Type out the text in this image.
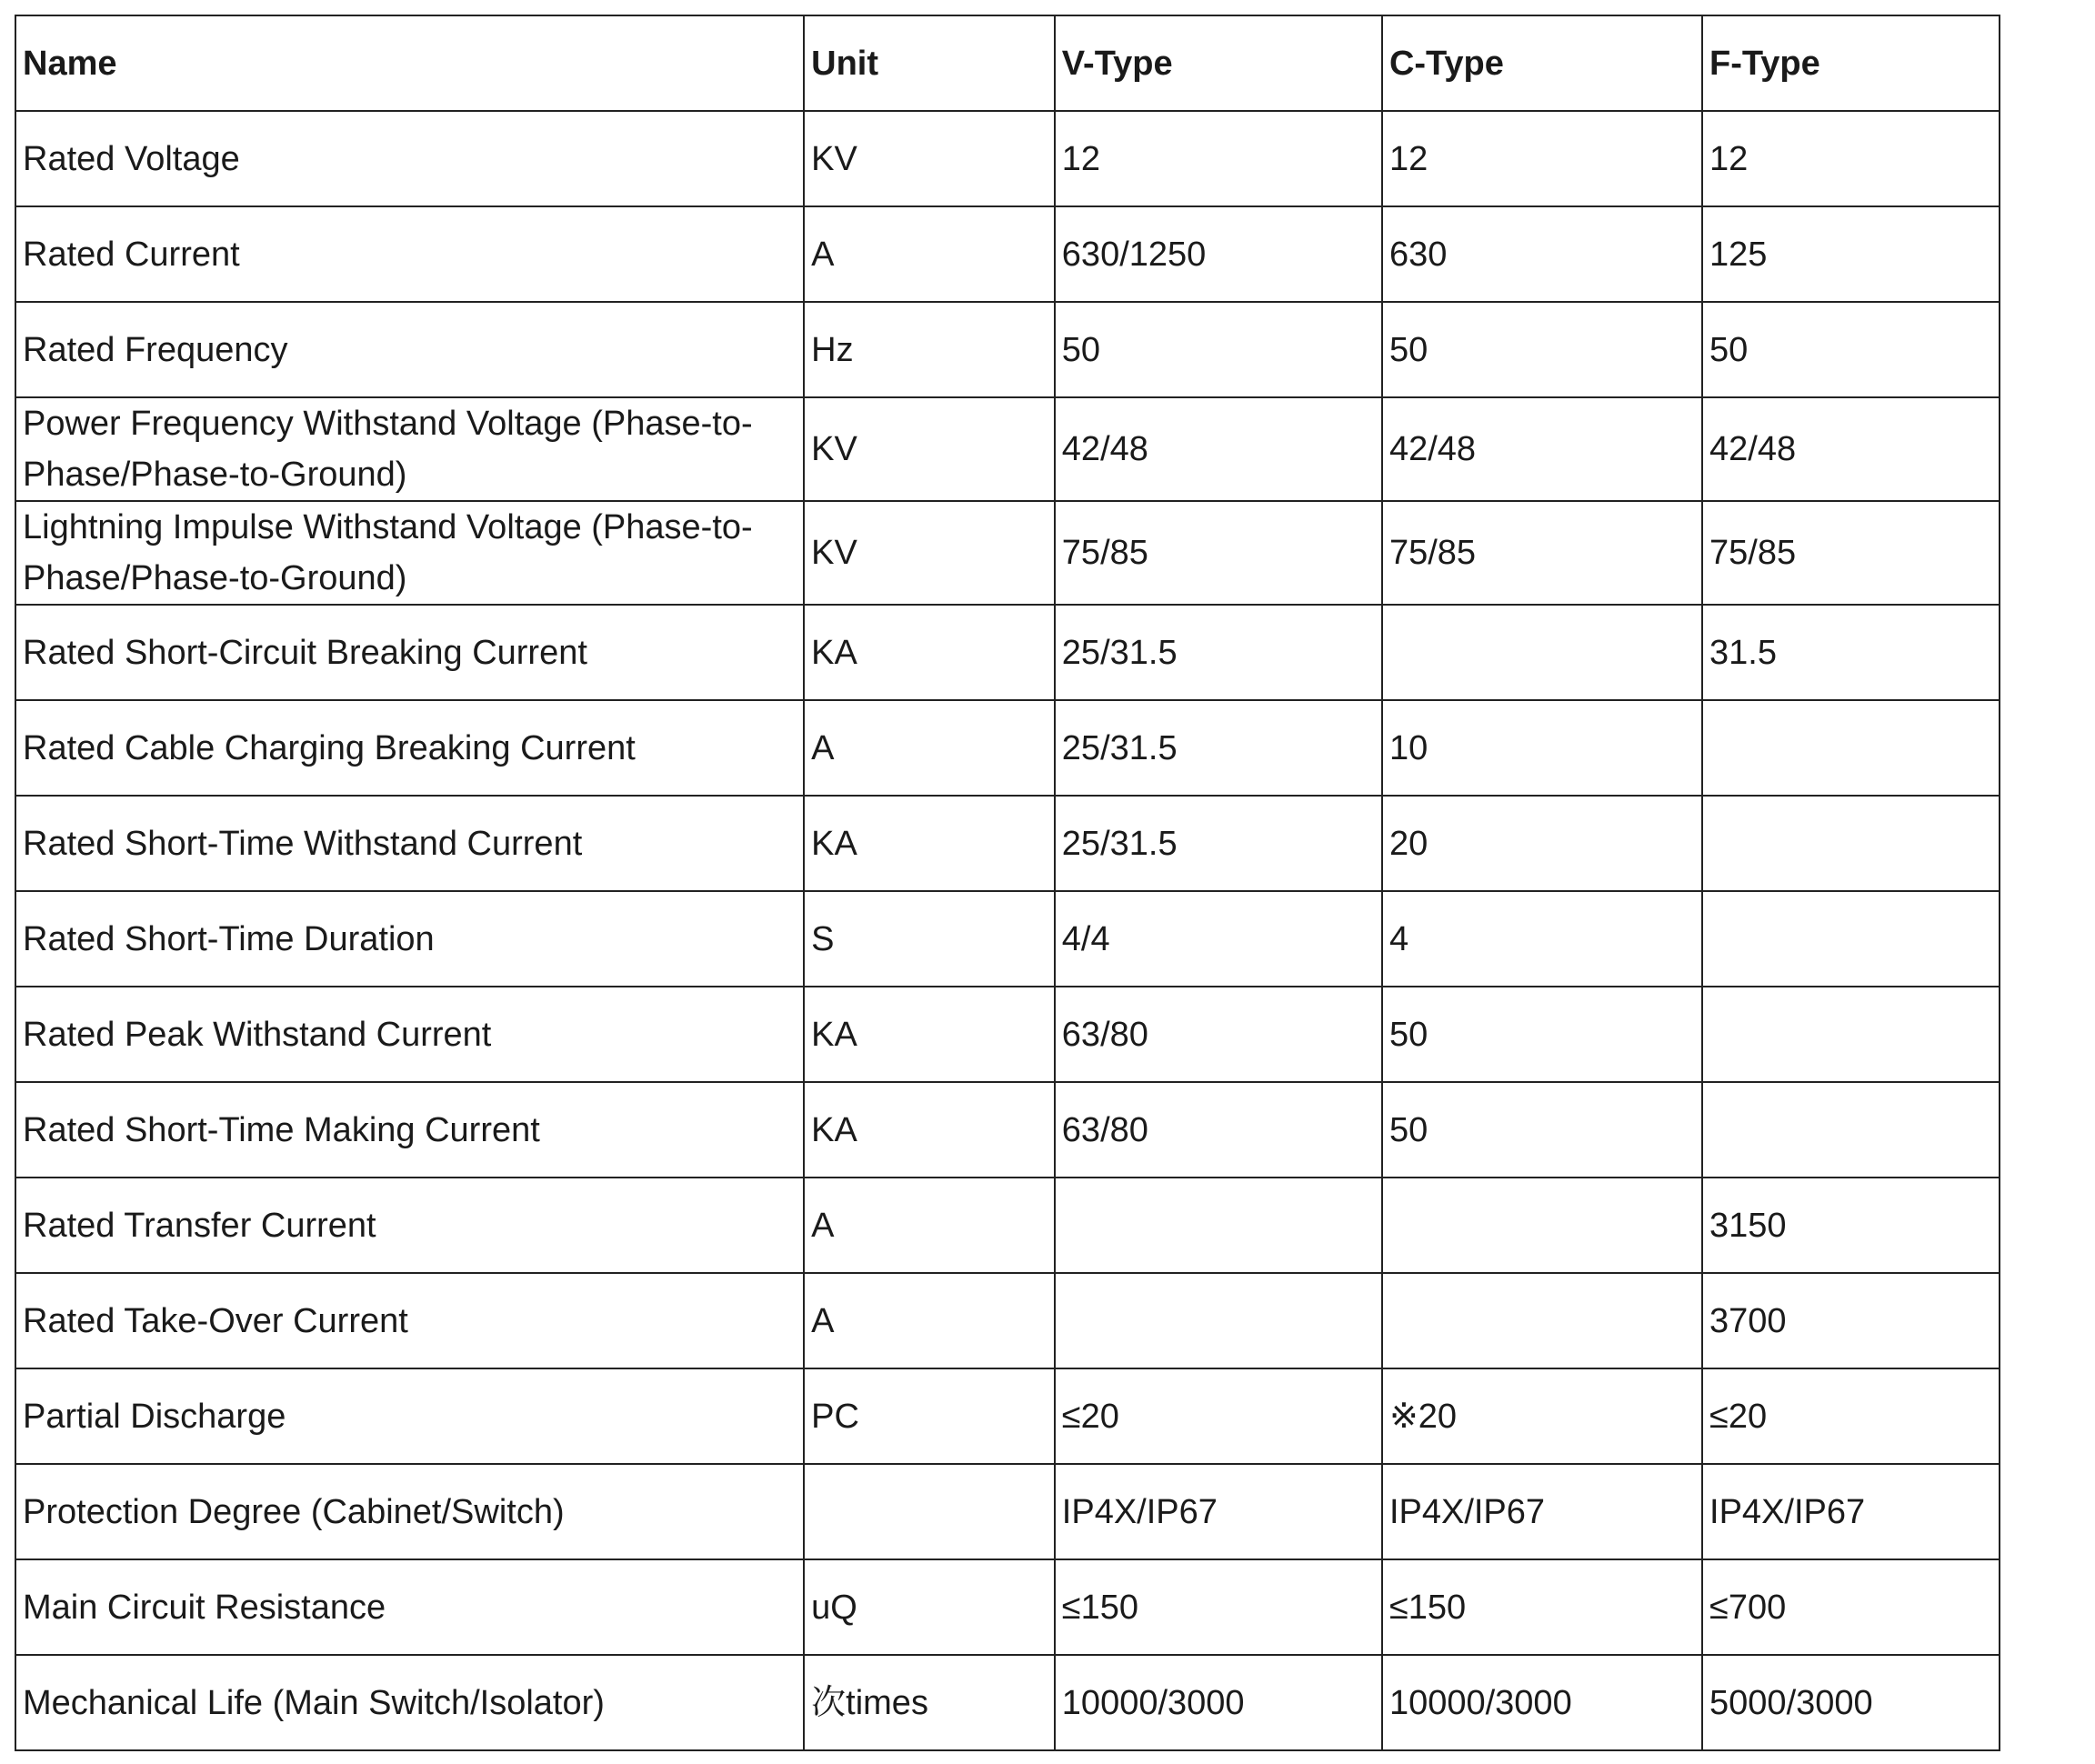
Name	Unit	V-Type	C-Type	F-Type
Rated Voltage	KV	12	12	12
Rated Current	A	630/1250	630	125
Rated Frequency	Hz	50	50	50
Power Frequency Withstand Voltage (Phase-to-Phase/Phase-to-Ground)	KV	42/48	42/48	42/48
Lightning Impulse Withstand Voltage (Phase-to-Phase/Phase-to-Ground)	KV	75/85	75/85	75/85
Rated Short-Circuit Breaking Current	KA	25/31.5		31.5
Rated Cable Charging Breaking Current	A	25/31.5	10	
Rated Short-Time Withstand Current	KA	25/31.5	20	
Rated Short-Time Duration	S	4/4	4	
Rated Peak Withstand Current	KA	63/80	50	
Rated Short-Time Making Current	KA	63/80	50	
Rated Transfer Current	A			3150
Rated Take-Over Current	A			3700
Partial Discharge	PC	≤20	※20	≤20
Protection Degree (Cabinet/Switch)		IP4X/IP67	IP4X/IP67	IP4X/IP67
Main Circuit Resistance	uQ	≤150	≤150	≤700
Mechanical Life (Main Switch/Isolator)	次times	10000/3000	10000/3000	5000/3000
